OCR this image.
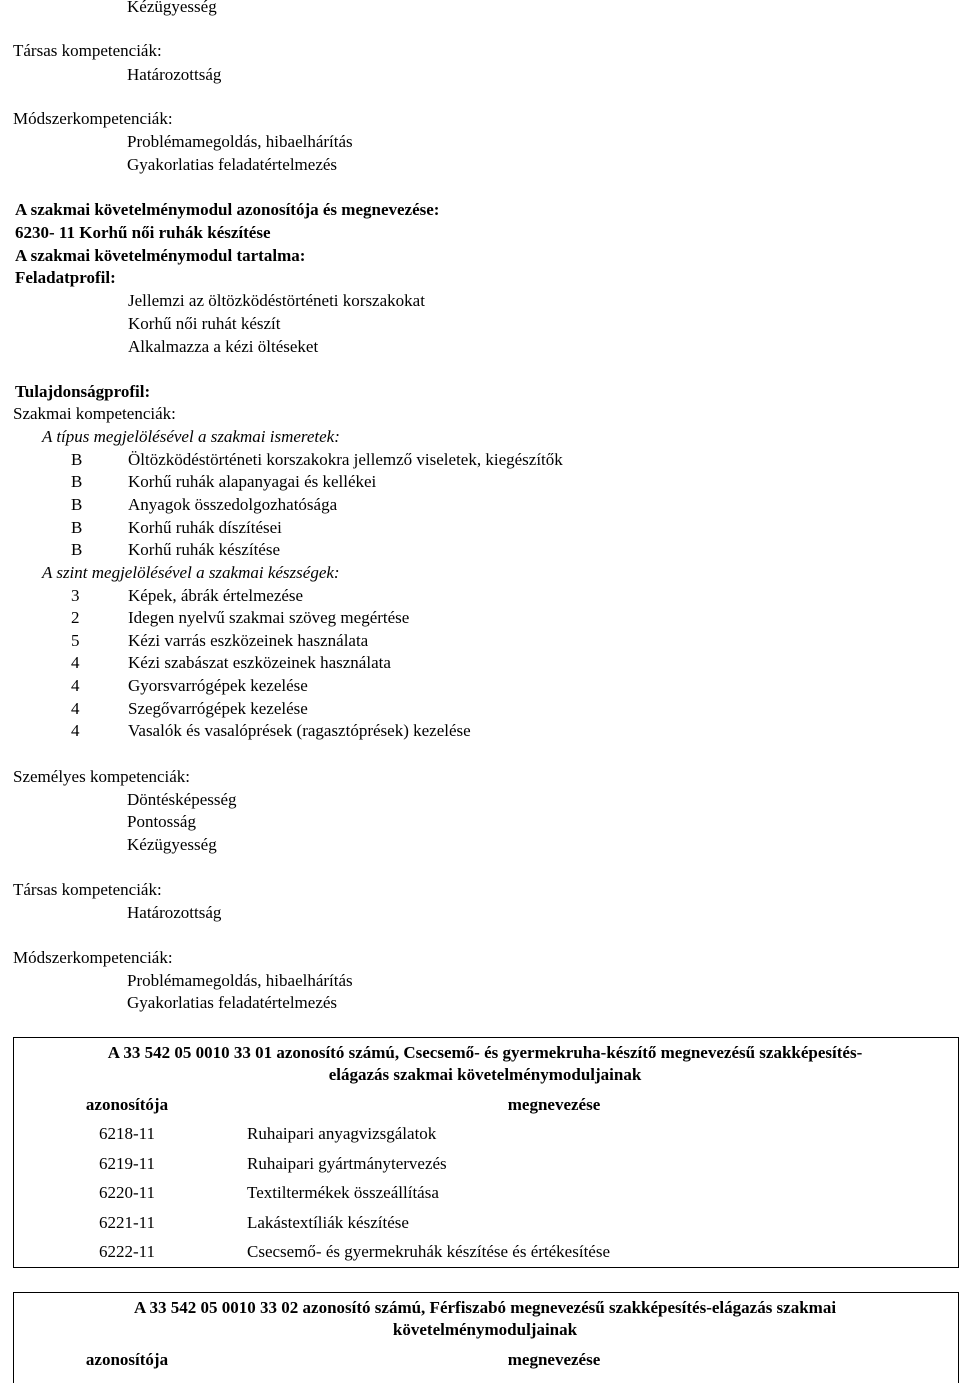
Kézügyesség
Társas kompetenciák:
Határozottság
Módszerkompetenciák:
Problémamegoldás, hibaelhárítás
Gyakorlatias feladatértelmezés
A szakmai követelménymodul azonosítója és megnevezése:
6230- 11 Korhű női ruhák készítése
A szakmai követelménymodul tartalma:
Feladatprofil:
Jellemzi az öltözködéstörténeti korszakokat
Korhű női ruhát készít
Alkalmazza a kézi öltéseket
Tulajdonságprofil:
Szakmai kompetenciák:
A típus megjelölésével a szakmai ismeretek:
B	Öltözködéstörténeti korszakokra jellemző viseletek, kiegészítők
B	Korhű ruhák alapanyagai és kellékei
B	Anyagok összedolgozhatósága
B	Korhű ruhák díszítései
B	Korhű ruhák készítése
A szint megjelölésével a szakmai készségek:
3	Képek, ábrák értelmezése
2	Idegen nyelvű szakmai szöveg megértése
5	Kézi varrás eszközeinek használata
4	Kézi szabászat eszközeinek használata
4	Gyorsvarrógépek kezelése
4	Szegővarrógépek kezelése
4	Vasalók és vasalóprések (ragasztóprések) kezelése
Személyes kompetenciák:
Döntésképesség
Pontosság
Kézügyesség
Társas kompetenciák:
Határozottság
Módszerkompetenciák:
Problémamegoldás, hibaelhárítás
Gyakorlatias feladatértelmezés
A 33 542 05 0010 33 01 azonosító számú, Csecsemő- és gyermekruha-készítő megnevezésű szakképesítés-
elágazás szakmai követelménymoduljainak	

azonosítója	megnevezése
6218-11	Ruhaipari anyagvizsgálatok
6219-11	Ruhaipari gyártmánytervezés
6220-11	Textiltermékek összeállítása
6221-11	Lakástextíliák készítése
6222-11	Csecsemő- és gyermekruhák készítése és értékesítése
A 33 542 05 0010 33 02 azonosító számú, Férfiszabó megnevezésű szakképesítés-elágazás szakmai
követelménymoduljainak

azonosítója	megnevezése
